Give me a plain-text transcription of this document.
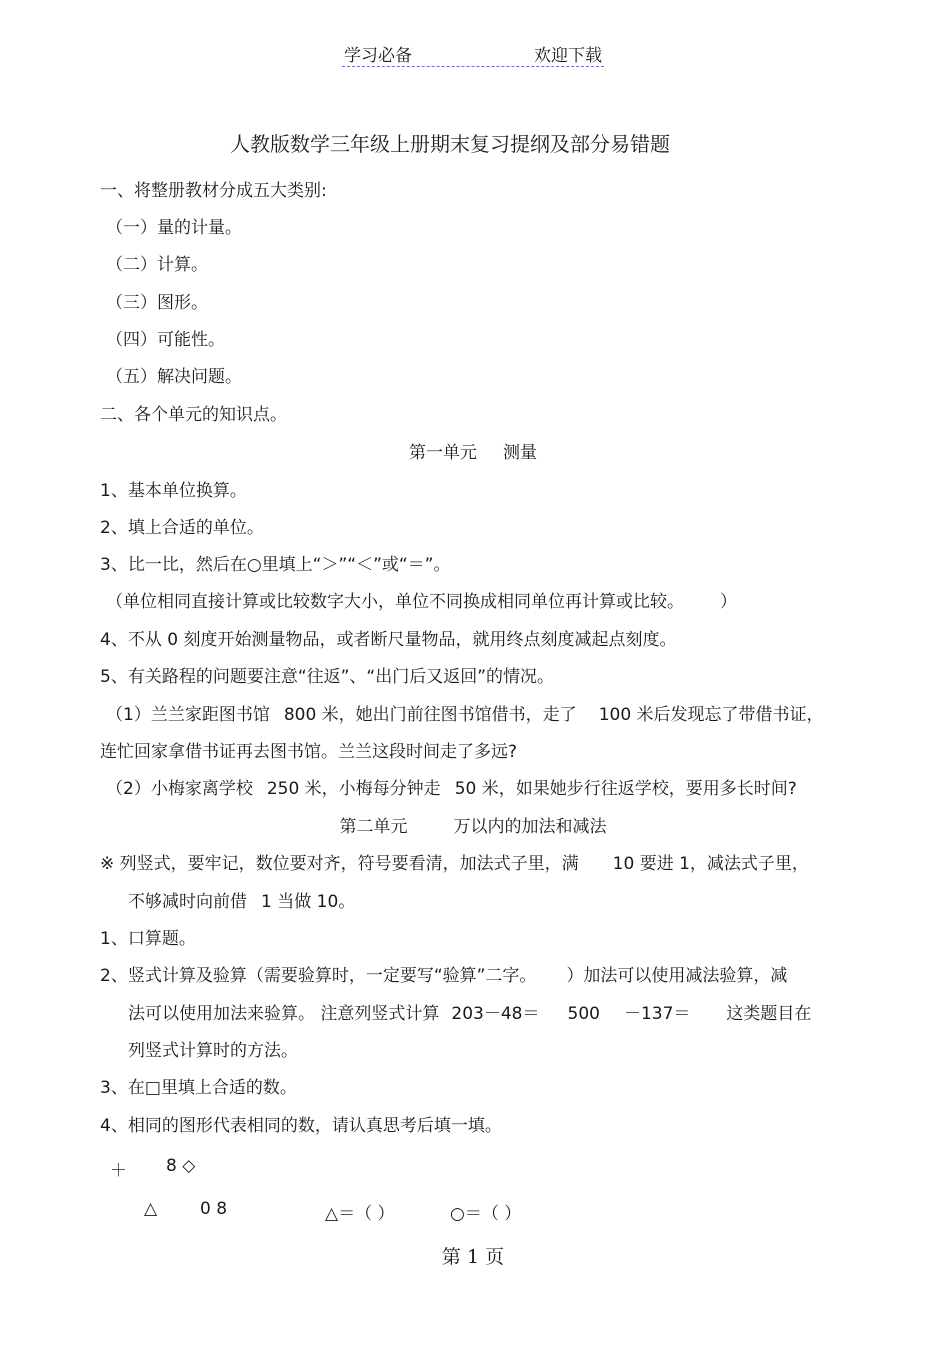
学习必备	欢迎下载
人教版数学三年级上册期末复习提纲及部分易错题
一、将整册教材分成五大类别:
（一）量的计量。
（二）计算。
（三）图形。
（四）可能性。
（五）解决问题。
二、各个单元的知识点。
第一单元 测量
1、基本单位换算。
2、填上合适的单位。
3、比一比，然后在○里填上“＞”“＜”或“＝”。
（单位相同直接计算或比较数字大小，单位不同换成相同单位再计算或比较。 ）
4、不从 0 刻度开始测量物品，或者断尺量物品，就用终点刻度减起点刻度。
5、有关路程的问题要注意“往返”、“出门后又返回”的情况。
（1）兰兰家距图书馆 800 米，她出门前往图书馆借书，走了 100 米后发现忘了带借书证，
连忙回家拿借书证再去图书馆。兰兰这段时间走了多远?
（2）小梅家离学校 250 米，小梅每分钟走 50 米，如果她步行往返学校，要用多长时间?
第二单元	万以内的加法和减法
※ 列竖式，要牢记，数位要对齐，符号要看清，加法式子里，满 10 要进 1，减法式子里，
不够减时向前借 1 当做 10。
1、口算题。
2、竖式计算及验算（需要验算时，一定要写“验算”二字。 ）加法可以使用减法验算，减
法可以使用加法来验算。 注意列竖式计算 203－48＝ 500 －137＝ 这类题目在
列竖式计算时的方法。
3、在□里填上合适的数。
4、相同的图形代表相同的数，请认真思考后填一填。
＋ 8 ◇
△	0 8	△＝（ ）	○＝（ ）
第 1 页
